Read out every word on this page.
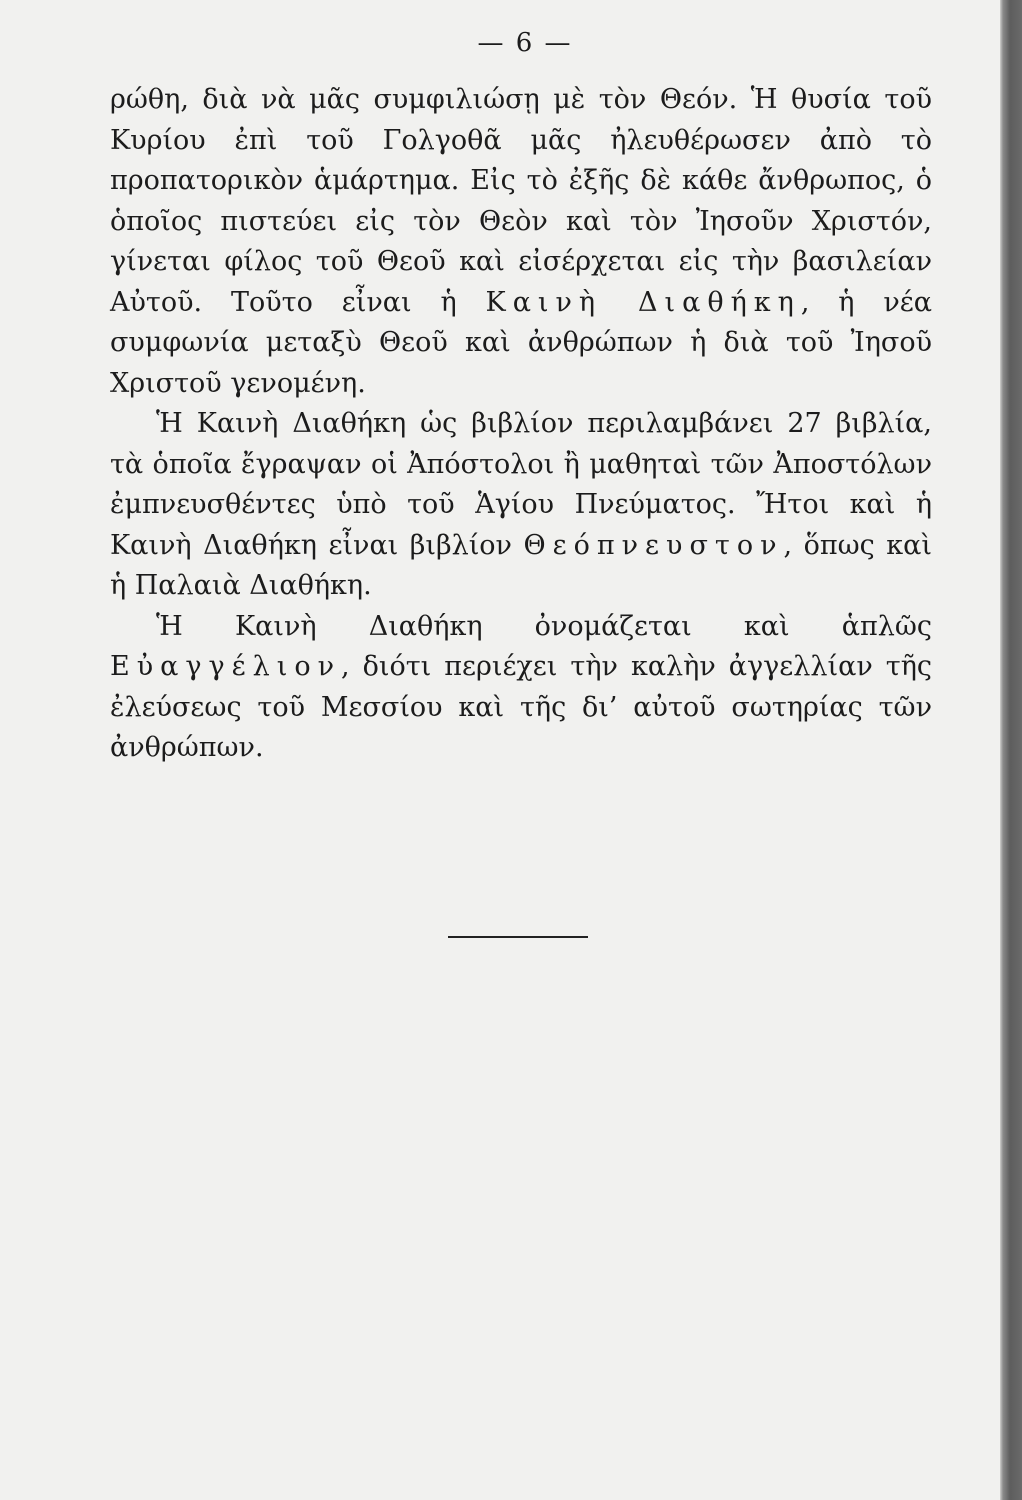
— 6 —

ρώθη, διὰ νὰ μᾶς συμφιλιώσῃ μὲ τὸν Θεόν. Ἡ θυσία τοῦ Κυρίου ἐπὶ τοῦ Γολγοθᾶ μᾶς ἠλευθέρωσεν ἀπὸ τὸ προπατορικὸν ἁμάρτημα. Εἰς τὸ ἐξῆς δὲ κάθε ἄνθρωπος, ὁ ὁποῖος πιστεύει εἰς τὸν Θεὸν καὶ τὸν Ἰησοῦν Χριστόν, γίνεται φίλος τοῦ Θεοῦ καὶ εἰσέρχεται εἰς τὴν βασιλείαν Αὐτοῦ. Τοῦτο εἶναι ἡ Καινὴ Διαθήκη, ἡ νέα συμφωνία μεταξὺ Θεοῦ καὶ ἀνθρώπων ἡ διὰ τοῦ Ἰησοῦ Χριστοῦ γενομένη.

Ἡ Καινὴ Διαθήκη ὡς βιβλίον περιλαμβάνει 27 βιβλία, τὰ ὁποῖα ἔγραψαν οἱ Ἀπόστολοι ἢ μαθηταὶ τῶν Ἀποστόλων ἐμπνευσθέντες ὑπὸ τοῦ Ἁγίου Πνεύματος. Ἤτοι καὶ ἡ Καινὴ Διαθήκη εἶναι βιβλίον Θεόπνευστον, ὅπως καὶ ἡ Παλαιὰ Διαθήκη.

Ἡ Καινὴ Διαθήκη ὀνομάζεται καὶ ἁπλῶς Εὐαγγέλιον, διότι περιέχει τὴν καλὴν ἀγγελλίαν τῆς ἐλεύσεως τοῦ Μεσσίου καὶ τῆς δι’ αὐτοῦ σωτηρίας τῶν ἀνθρώπων.
